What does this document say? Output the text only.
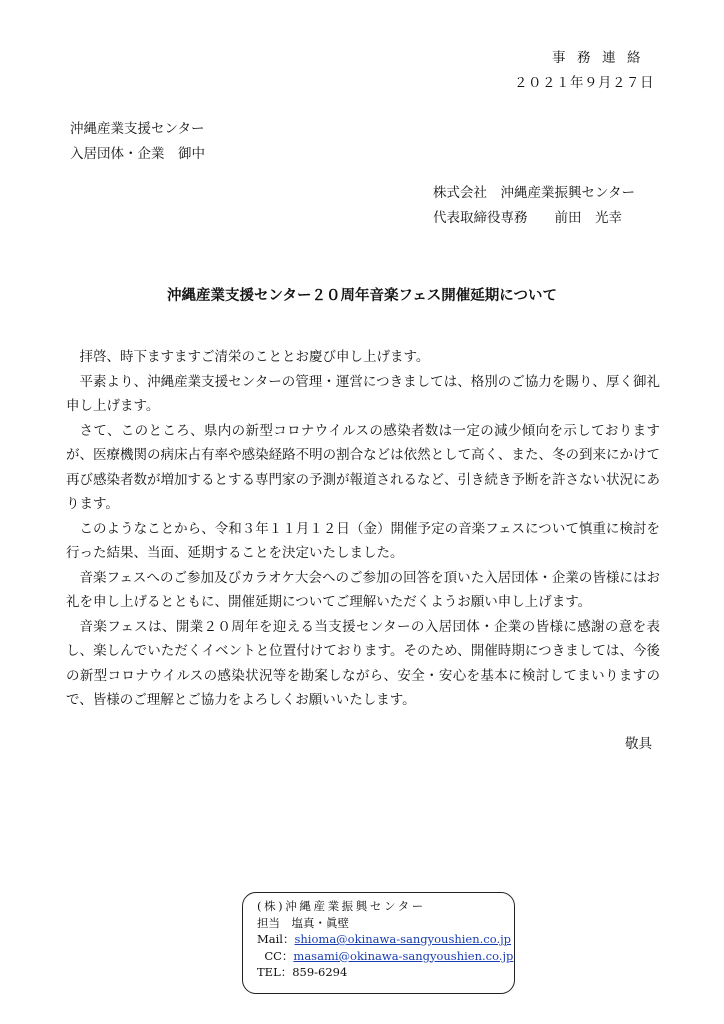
事務連絡
２０２１年９月２７日
沖縄産業支援センター
入居団体・企業　御中
株式会社　沖縄産業振興センター
代表取締役専務　　前田　光幸
沖縄産業支援センター２０周年音楽フェス開催延期について

拝啓、時下ますますご清栄のこととお慶び申し上げます。

平素より、沖縄産業支援センターの管理・運営につきましては、格別のご協力を賜り、厚く御礼申し上げます。

さて、このところ、県内の新型コロナウイルスの感染者数は一定の減少傾向を示しておりますが、医療機関の病床占有率や感染経路不明の割合などは依然として高く、また、冬の到来にかけて再び感染者数が増加するとする専門家の予測が報道されるなど、引き続き予断を許さない状況にあります。

このようなことから、令和３年１１月１２日（金）開催予定の音楽フェスについて慎重に検討を行った結果、当面、延期することを決定いたしました。

音楽フェスへのご参加及びカラオケ大会へのご参加の回答を頂いた入居団体・企業の皆様にはお礼を申し上げるとともに、開催延期についてご理解いただくようお願い申し上げます。

音楽フェスは、開業２０周年を迎える当支援センターの入居団体・企業の皆様に感謝の意を表し、楽しんでいただくイベントと位置付けております。そのため、開催時期につきましては、今後の新型コロナウイルスの感染状況等を勘案しながら、安全・安心を基本に検討してまいりますので、皆様のご理解とご協力をよろしくお願いいたします。

敬具
(株)沖縄産業振興センター
担当　塩真・眞壁
Mail：shioma@okinawa-sangyoushien.co.jp
CC：masami@okinawa-sangyoushien.co.jp
TEL：859-6294
